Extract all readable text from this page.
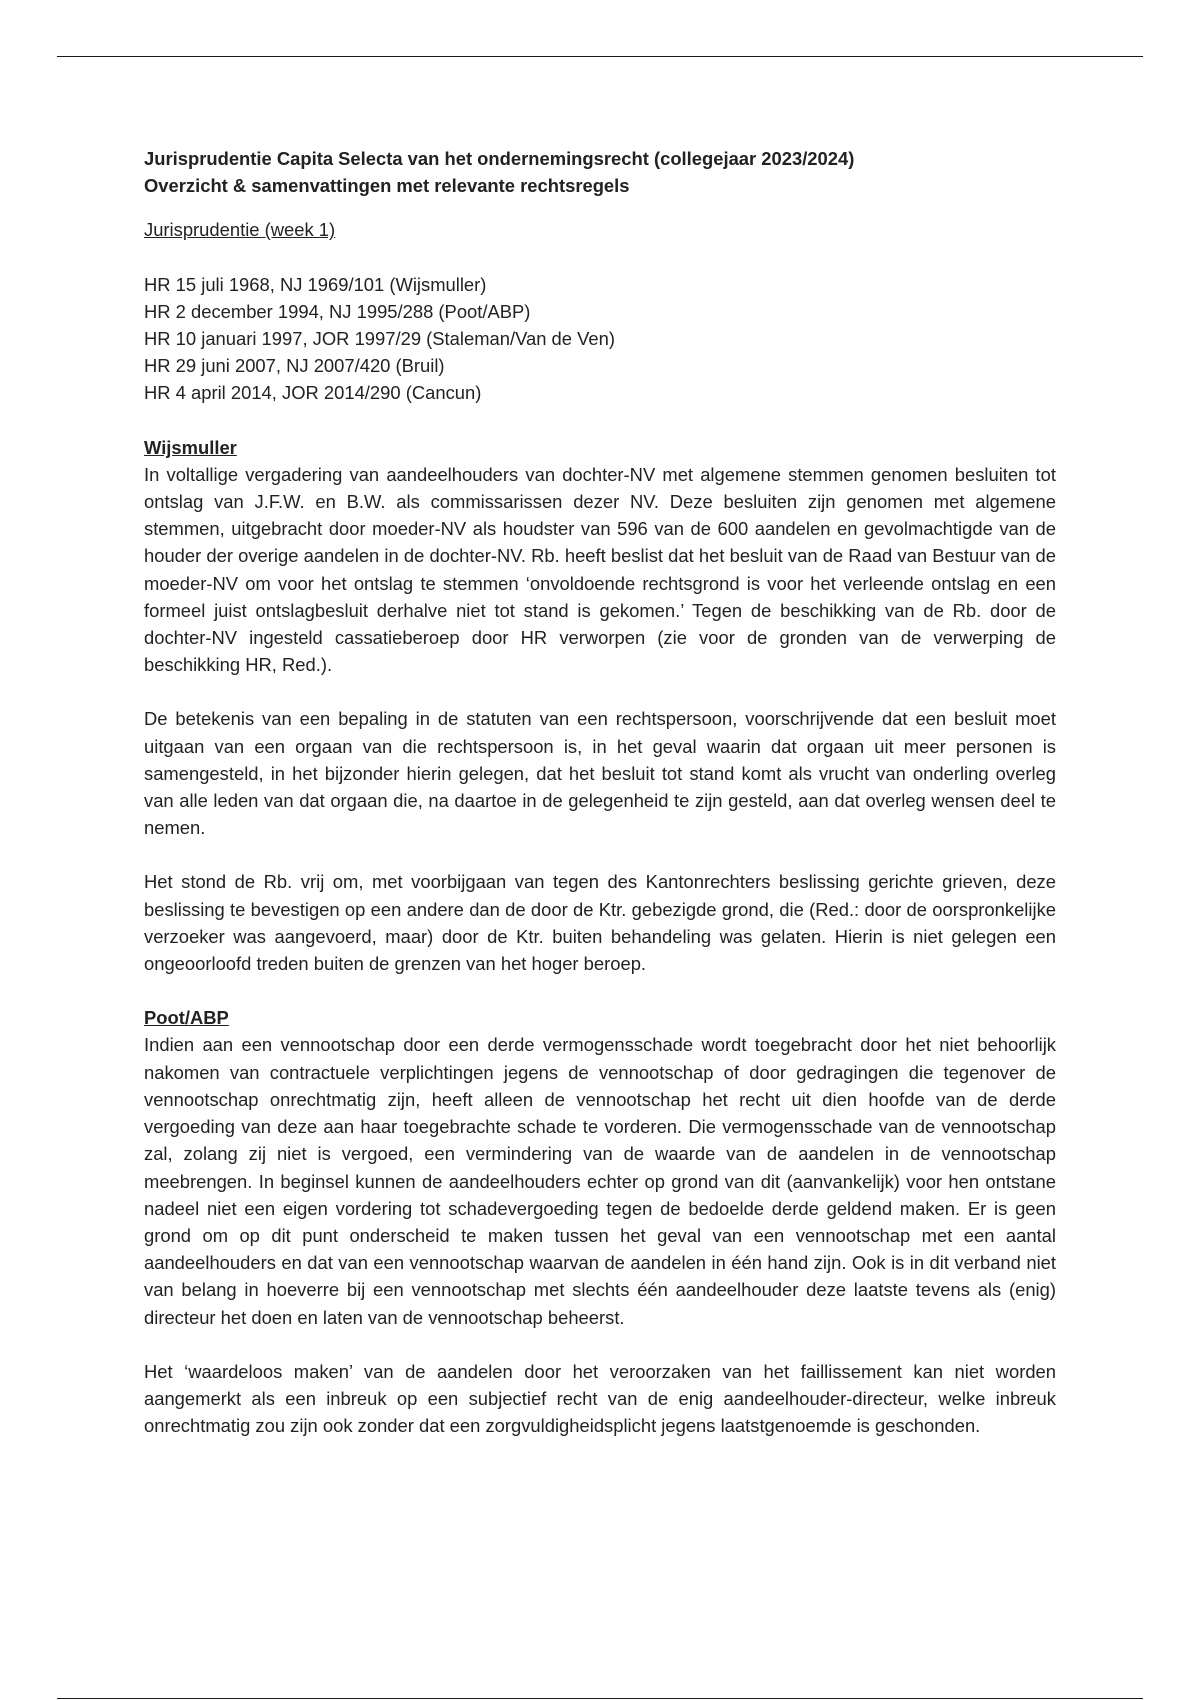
Jurisprudentie Capita Selecta van het ondernemingsrecht (collegejaar 2023/2024)
Overzicht & samenvattingen met relevante rechtsregels
Jurisprudentie (week 1)
HR 15 juli 1968, NJ 1969/101 (Wijsmuller)
HR 2 december 1994, NJ 1995/288 (Poot/ABP)
HR 10 januari 1997, JOR 1997/29 (Staleman/Van de Ven)
HR 29 juni 2007, NJ 2007/420 (Bruil)
HR 4 april 2014, JOR 2014/290 (Cancun)
Wijsmuller

In voltallige vergadering van aandeelhouders van dochter-NV met algemene stemmen genomen besluiten tot ontslag van J.F.W. en B.W. als commissarissen dezer NV. Deze besluiten zijn genomen met algemene stemmen, uitgebracht door moeder-NV als houdster van 596 van de 600 aandelen en gevolmachtigde van de houder der overige aandelen in de dochter-NV. Rb. heeft beslist dat het besluit van de Raad van Bestuur van de moeder-NV om voor het ontslag te stemmen ‘onvoldoende rechtsgrond is voor het verleende ontslag en een formeel juist ontslagbesluit derhalve niet tot stand is gekomen.’ Tegen de beschikking van de Rb. door de dochter-NV ingesteld cassatieberoep door HR verworpen (zie voor de gronden van de verwerping de beschikking HR, Red.).

De betekenis van een bepaling in de statuten van een rechtspersoon, voorschrijvende dat een besluit moet uitgaan van een orgaan van die rechtspersoon is, in het geval waarin dat orgaan uit meer personen is samengesteld, in het bijzonder hierin gelegen, dat het besluit tot stand komt als vrucht van onderling overleg van alle leden van dat orgaan die, na daartoe in de gelegenheid te zijn gesteld, aan dat overleg wensen deel te nemen.

Het stond de Rb. vrij om, met voorbijgaan van tegen des Kantonrechters beslissing gerichte grieven, deze beslissing te bevestigen op een andere dan de door de Ktr. gebezigde grond, die (Red.: door de oorspronkelijke verzoeker was aangevoerd, maar) door de Ktr. buiten behandeling was gelaten. Hierin is niet gelegen een ongeoorloofd treden buiten de grenzen van het hoger beroep.

Poot/ABP

Indien aan een vennootschap door een derde vermogensschade wordt toegebracht door het niet behoorlijk nakomen van contractuele verplichtingen jegens de vennootschap of door gedragingen die tegenover de vennootschap onrechtmatig zijn, heeft alleen de vennootschap het recht uit dien hoofde van de derde vergoeding van deze aan haar toegebrachte schade te vorderen. Die vermogensschade van de vennootschap zal, zolang zij niet is vergoed, een vermindering van de waarde van de aandelen in de vennootschap meebrengen. In beginsel kunnen de aandeelhouders echter op grond van dit (aanvankelijk) voor hen ontstane nadeel niet een eigen vordering tot schadevergoeding tegen de bedoelde derde geldend maken. Er is geen grond om op dit punt onderscheid te maken tussen het geval van een vennootschap met een aantal aandeelhouders en dat van een vennootschap waarvan de aandelen in één hand zijn. Ook is in dit verband niet van belang in hoeverre bij een vennootschap met slechts één aandeelhouder deze laatste tevens als (enig) directeur het doen en laten van de vennootschap beheerst.

Het ‘waardeloos maken’ van de aandelen door het veroorzaken van het faillissement kan niet worden aangemerkt als een inbreuk op een subjectief recht van de enig aandeelhouder-directeur, welke inbreuk onrechtmatig zou zijn ook zonder dat een zorgvuldigheidsplicht jegens laatstgenoemde is geschonden.
